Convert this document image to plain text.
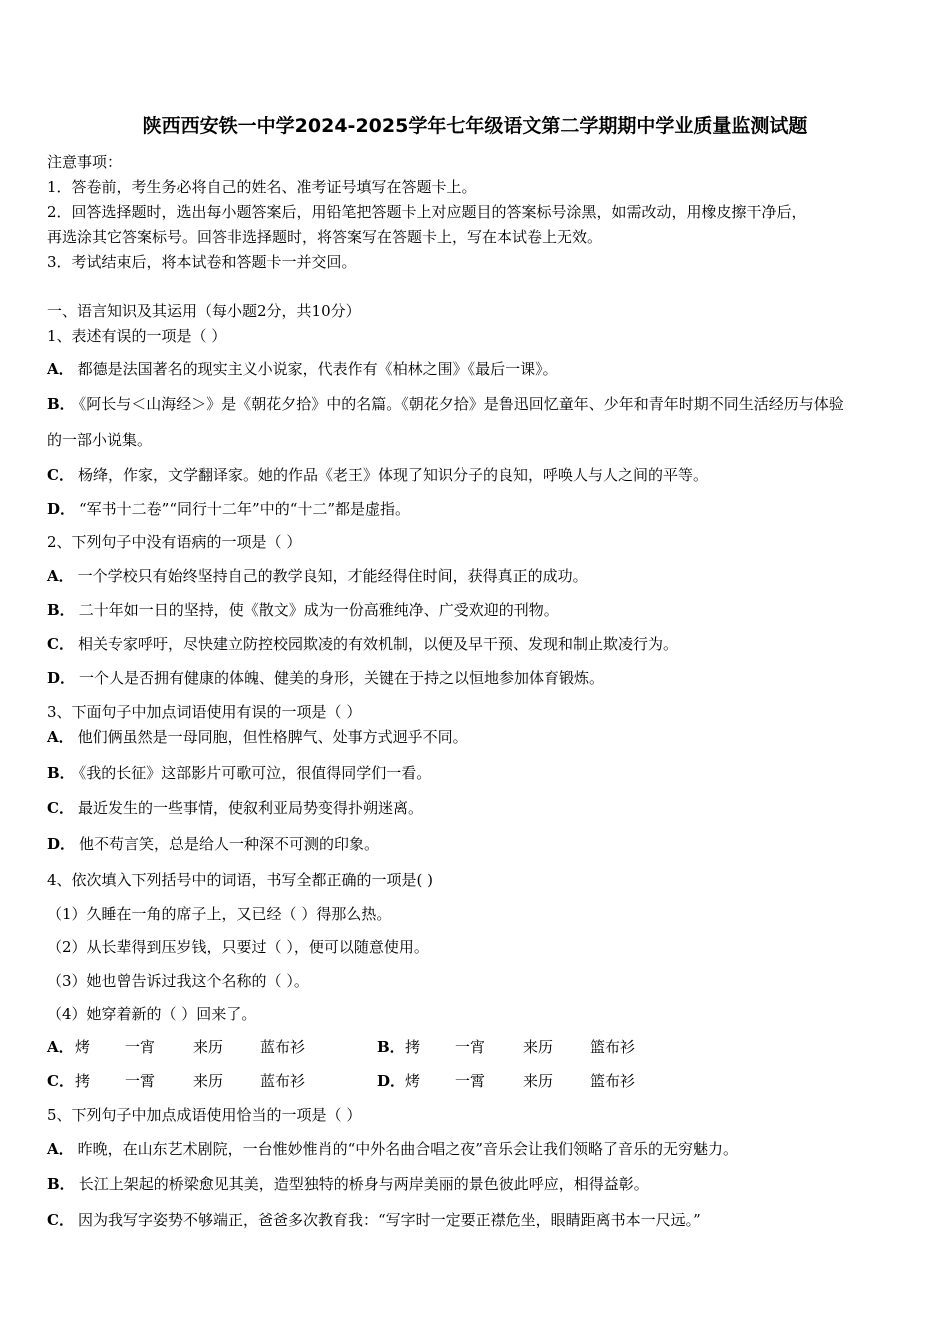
陕西西安铁一中学2024-2025学年七年级语文第二学期期中学业质量监测试题
注意事项：
1．答卷前，考生务必将自己的姓名、准考证号填写在答题卡上。
2．回答选择题时，选出每小题答案后，用铅笔把答题卡上对应题目的答案标号涂黑，如需改动，用橡皮擦干净后，
再选涂其它答案标号。回答非选择题时，将答案写在答题卡上，写在本试卷上无效。
3．考试结束后，将本试卷和答题卡一并交回。
一、语言知识及其运用（每小题2分，共10分）
1、表述有误的一项是（ ）
A． 都德是法国著名的现实主义小说家，代表作有《柏林之围》《最后一课》。
B． 《阿长与＜山海经＞》是《朝花夕拾》中的名篇。《朝花夕拾》是鲁迅回忆童年、少年和青年时期不同生活经历与体验
的一部小说集。
C． 杨绛，作家，文学翻译家。她的作品《老王》体现了知识分子的良知，呼唤人与人之间的平等。
D． “军书十二卷”“同行十二年”中的“十二”都是虚指。
2、下列句子中没有语病的一项是（ ）
A． 一个学校只有始终坚持自己的教学良知，才能经得住时间，获得真正的成功。
B． 二十年如一日的坚持，使《散文》成为一份高雅纯净、广受欢迎的刊物。
C． 相关专家呼吁，尽快建立防控校园欺凌的有效机制，以便及早干预、发现和制止欺凌行为。
D． 一个人是否拥有健康的体魄、健美的身形，关键在于持之以恒地参加体育锻炼。
3、下面句子中加点词语使用有误的一项是（ ）
A． 他们俩虽然是一母同胞，但性格脾气、处事方式迥乎不同。
B． 《我的长征》这部影片可歌可泣，很值得同学们一看。
C． 最近发生的一些事情，使叙利亚局势变得扑朔迷离。
D． 他不苟言笑，总是给人一种深不可测的印象。
4、依次填入下列括号中的词语，书写全都正确的一项是( )
（1）久睡在一角的席子上，又已经（ ）得那么热。
（2）从长辈得到压岁钱，只要过（ ），便可以随意使用。
（3）她也曾告诉过我这个名称的（ ）。
（4）她穿着新的（ ）回来了。
A． 烤 一宵	来历 蓝布衫	B． 拷 一宵	来历 篮布衫
C． 拷 一霄	来历 蓝布衫	D． 烤 一霄	来历 篮布衫
5、下列句子中加点成语使用恰当的一项是（ ）
A． 昨晚，在山东艺术剧院，一台惟妙惟肖的“中外名曲合唱之夜”音乐会让我们领略了音乐的无穷魅力。
B． 长江上架起的桥梁愈见其美，造型独特的桥身与两岸美丽的景色彼此呼应，相得益彰。
C． 因为我写字姿势不够端正，爸爸多次教育我：“写字时一定要正襟危坐，眼睛距离书本一尺远。”
